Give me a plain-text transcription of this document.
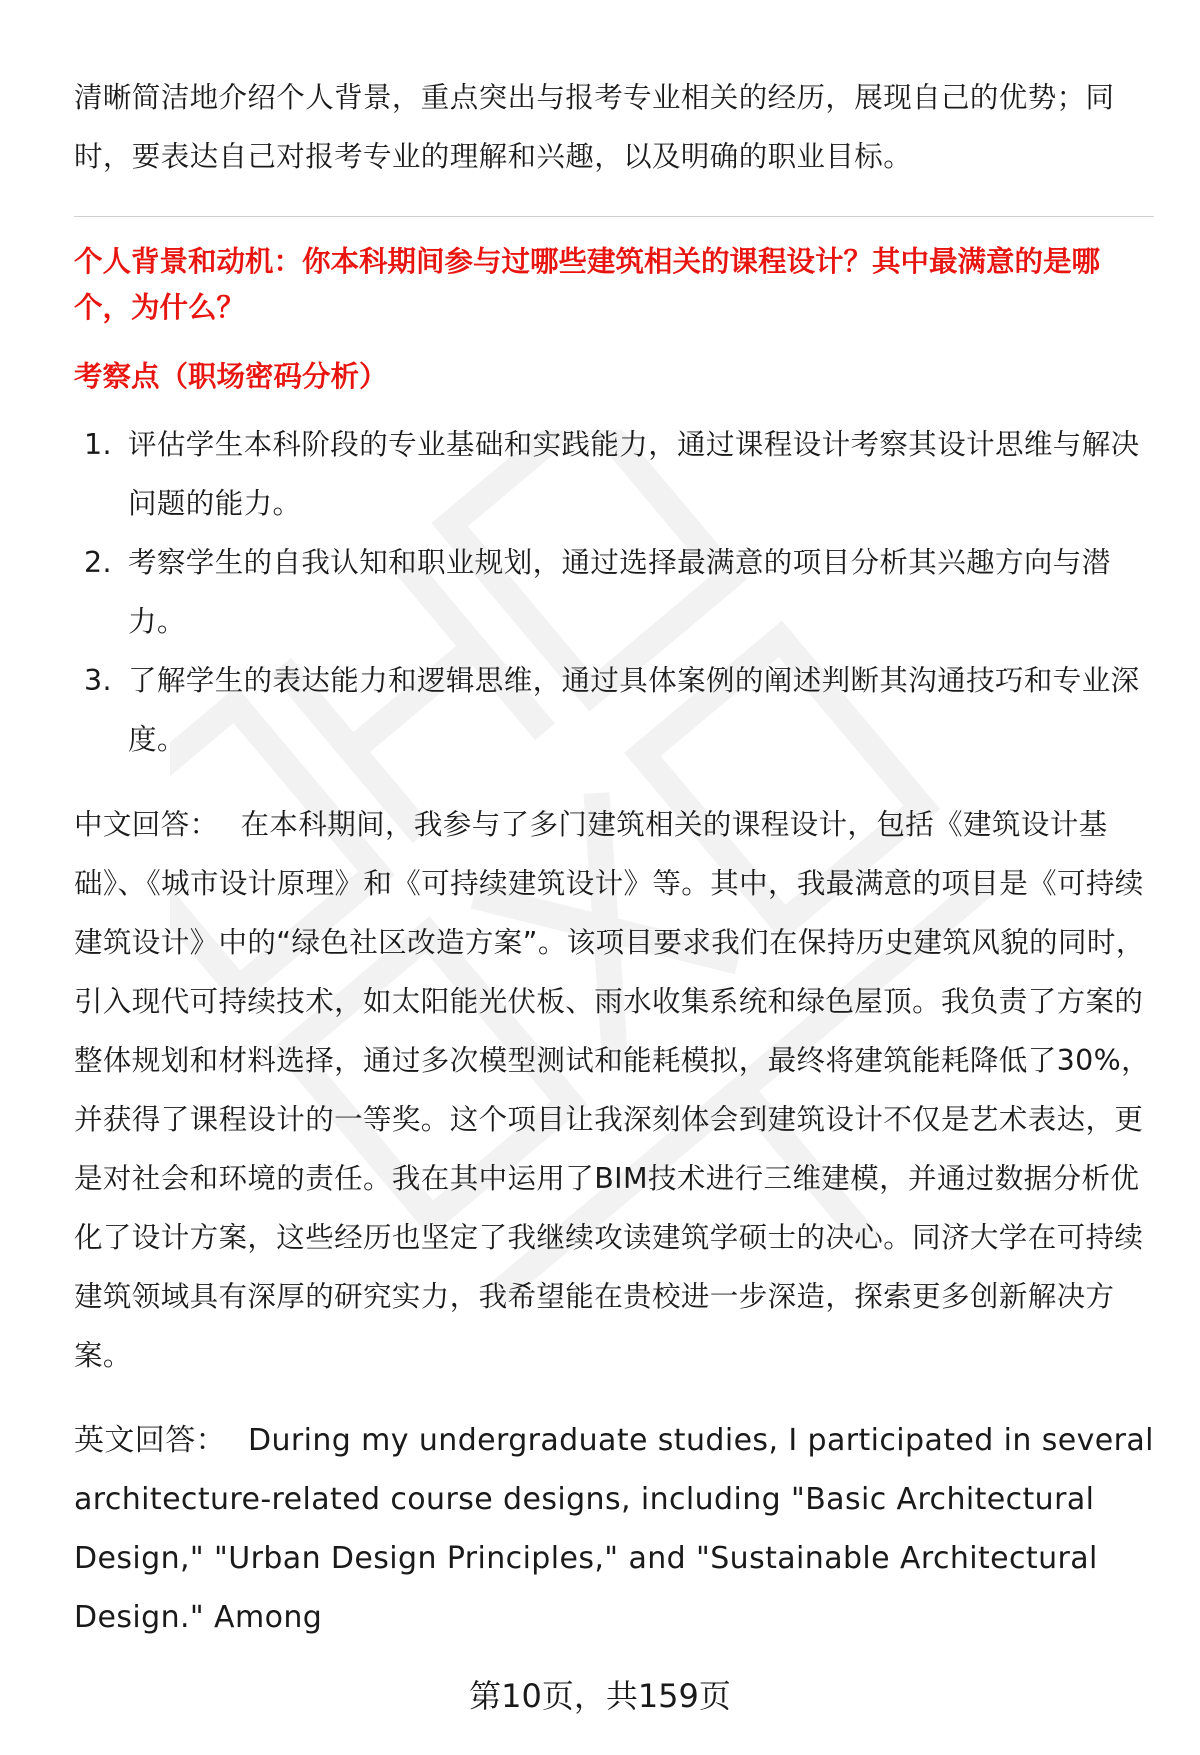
清晰简洁地介绍个人背景，重点突出与报考专业相关的经历，展现自己的优势；同时，要表达自己对报考专业的理解和兴趣，以及明确的职业目标。

个人背景和动机：你本科期间参与过哪些建筑相关的课程设计？其中最满意的是哪个，为什么？

考察点（职场密码分析）

1. 评估学生本科阶段的专业基础和实践能力，通过课程设计考察其设计思维与解决问题的能力。
2. 考察学生的自我认知和职业规划，通过选择最满意的项目分析其兴趣方向与潜力。
3. 了解学生的表达能力和逻辑思维，通过具体案例的阐述判断其沟通技巧和专业深度。

中文回答： 在本科期间，我参与了多门建筑相关的课程设计，包括《建筑设计基础》、《城市设计原理》和《可持续建筑设计》等。其中，我最满意的项目是《可持续建筑设计》中的“绿色社区改造方案”。该项目要求我们在保持历史建筑风貌的同时，引入现代可持续技术，如太阳能光伏板、雨水收集系统和绿色屋顶。我负责了方案的整体规划和材料选择，通过多次模型测试和能耗模拟，最终将建筑能耗降低了30%，并获得了课程设计的一等奖。这个项目让我深刻体会到建筑设计不仅是艺术表达，更是对社会和环境的责任。我在其中运用了BIM技术进行三维建模，并通过数据分析优化了设计方案，这些经历也坚定了我继续攻读建筑学硕士的决心。同济大学在可持续建筑领域具有深厚的研究实力，我希望能在贵校进一步深造，探索更多创新解决方案。

英文回答： During my undergraduate studies, I participated in several architecture-related course designs, including "Basic Architectural Design," "Urban Design Principles," and "Sustainable Architectural Design." Among

第10页，共159页
